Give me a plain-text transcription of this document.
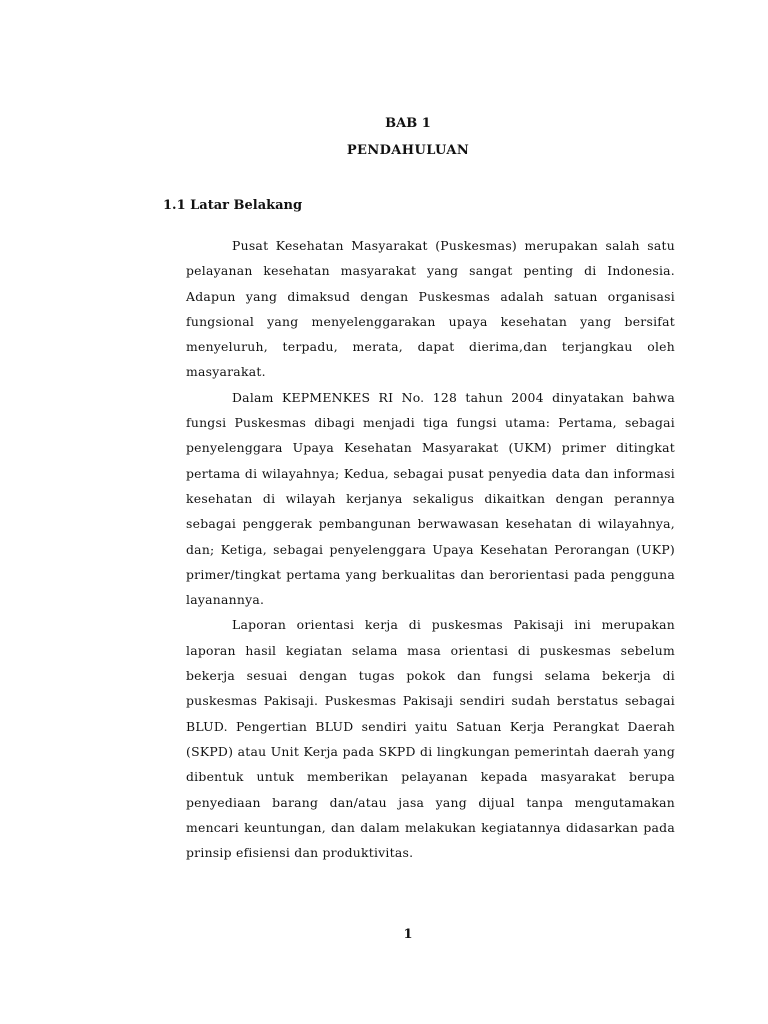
BAB 1
PENDAHULUAN
1.1 Latar Belakang

Pusat Kesehatan Masyarakat (Puskesmas) merupakan salah satu pelayanan kesehatan masyarakat yang sangat penting di Indonesia. Adapun yang dimaksud dengan Puskesmas adalah satuan organisasi fungsional yang menyelenggarakan upaya kesehatan yang bersifat menyeluruh, terpadu, merata, dapat dierima,dan terjangkau oleh masyarakat.

Dalam KEPMENKES RI No. 128 tahun 2004 dinyatakan bahwa fungsi Puskesmas dibagi menjadi tiga fungsi utama: Pertama, sebagai penyelenggara Upaya Kesehatan Masyarakat (UKM) primer ditingkat pertama di wilayahnya; Kedua, sebagai pusat penyedia data dan informasi kesehatan di wilayah kerjanya sekaligus dikaitkan dengan perannya sebagai penggerak pembangunan berwawasan kesehatan di wilayahnya, dan; Ketiga, sebagai penyelenggara Upaya Kesehatan Perorangan (UKP) primer/tingkat pertama yang berkualitas dan berorientasi pada pengguna layanannya.

Laporan orientasi kerja di puskesmas Pakisaji ini merupakan laporan hasil kegiatan selama masa orientasi di puskesmas sebelum bekerja sesuai dengan tugas pokok dan fungsi selama bekerja di puskesmas Pakisaji. Puskesmas Pakisaji sendiri sudah berstatus sebagai BLUD. Pengertian BLUD sendiri yaitu Satuan Kerja Perangkat Daerah (SKPD) atau Unit Kerja pada SKPD di lingkungan pemerintah daerah yang dibentuk untuk memberikan pelayanan kepada masyarakat berupa penyediaan barang dan/atau jasa yang dijual tanpa mengutamakan mencari keuntungan, dan dalam melakukan kegiatannya didasarkan pada prinsip efisiensi dan produktivitas.

1
